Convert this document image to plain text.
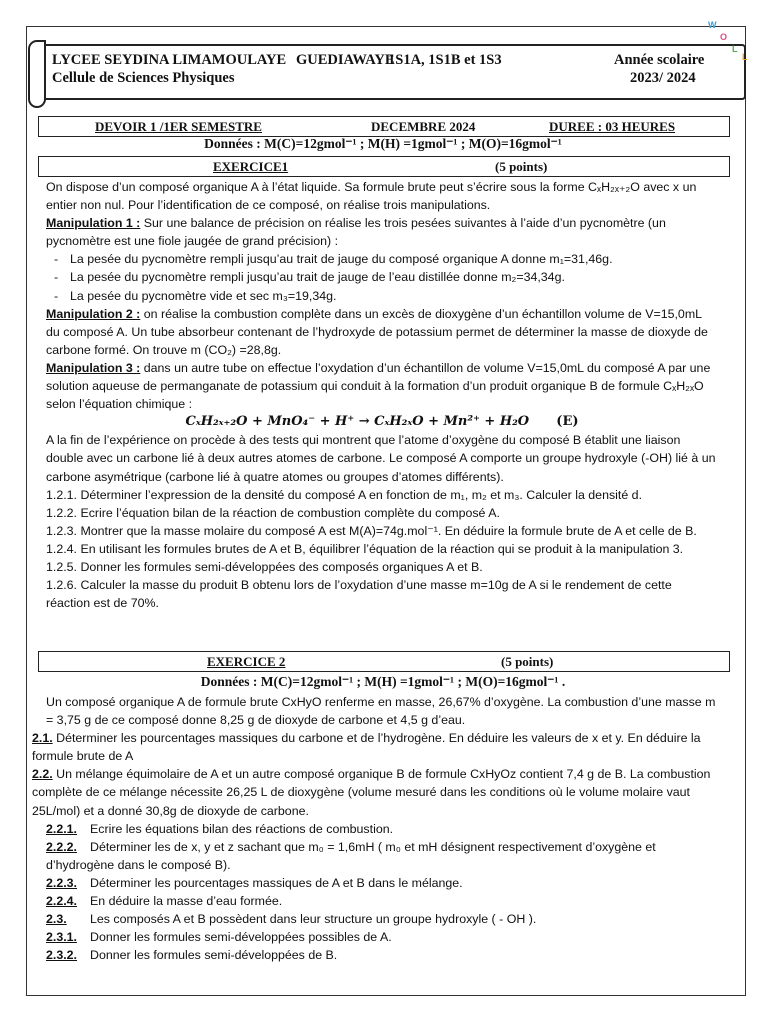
W
O
L
L
LYCEE SEYDINA LIMAMOULAYE GUEDIAWAYE
1S1A, 1S1B et 1S3	Année scolaire
Cellule de Sciences Physiques	2023/ 2024
DEVOIR 1 /1ER SEMESTRE	DECEMBRE 2024	DUREE : 03 HEURES
Données : M(C)=12gmol⁻¹ ; M(H) =1gmol⁻¹ ; M(O)=16gmol⁻¹
EXERCICE1	(5 points)

On dispose d’un composé organique A à l’état liquide. Sa formule brute peut s’écrire sous la forme CₓH₂ₓ₊₂O avec x un entier non nul. Pour l’identification de ce composé, on réalise trois manipulations.

Manipulation 1 : Sur une balance de précision on réalise les trois pesées suivantes à l’aide d’un pycnomètre (un pycnomètre est une fiole jaugée de grand précision) :

- La pesée du pycnomètre rempli jusqu’au trait de jauge du composé organique A donne m₁=31,46g.

- La pesée du pycnomètre rempli jusqu’au trait de jauge de l’eau distillée donne m₂=34,34g.

- La pesée du pycnomètre vide et sec m₃=19,34g.

Manipulation 2 : on réalise la combustion complète dans un excès de dioxygène d’un échantillon volume de V=15,0mL du composé A. Un tube absorbeur contenant de l’hydroxyde de potassium permet de déterminer la masse de dioxyde de carbone formé. On trouve m (CO₂) =28,8g.

Manipulation 3 : dans un autre tube on effectue l’oxydation d’un échantillon de volume V=15,0mL du composé A par une solution aqueuse de permanganate de potassium qui conduit à la formation d’un produit organique B de formule CₓH₂ₓO selon l’équation chimique :

CₓH₂ₓ₊₂O + MnO₄⁻ + H⁺ → CₓH₂ₓO + Mn²⁺ + H₂O (E)

A la fin de l’expérience on procède à des tests qui montrent que l’atome d’oxygène du composé B établit une liaison double avec un carbone lié à deux autres atomes de carbone. Le composé A comporte un groupe hydroxyle (-OH) lié à un carbone asymétrique (carbone lié à quatre atomes ou groupes d’atomes différents).

1.2.1. Déterminer l’expression de la densité du composé A en fonction de m₁, m₂ et m₃. Calculer la densité d.

1.2.2. Ecrire l’équation bilan de la réaction de combustion complète du composé A.

1.2.3. Montrer que la masse molaire du composé A est M(A)=74g.mol⁻¹. En déduire la formule brute de A et celle de B.

1.2.4. En utilisant les formules brutes de A et B, équilibrer l’équation de la réaction qui se produit à la manipulation 3.

1.2.5. Donner les formules semi-développées des composés organiques A et B.

1.2.6. Calculer la masse du produit B obtenu lors de l’oxydation d’une masse m=10g de A si le rendement de cette réaction est de 70%.

EXERCICE 2	(5 points)
Données : M(C)=12gmol⁻¹ ; M(H) =1gmol⁻¹ ; M(O)=16gmol⁻¹ .

Un composé organique A de formule brute CxHyO renferme en masse, 26,67% d’oxygène. La combustion d’une masse m = 3,75 g de ce composé donne 8,25 g de dioxyde de carbone et 4,5 g d’eau.

2.1. Déterminer les pourcentages massiques du carbone et de l’hydrogène. En déduire les valeurs de x et y. En déduire la formule brute de A

2.2. Un mélange équimolaire de A et un autre composé organique B de formule CxHyOz contient 7,4 g de B. La combustion complète de ce mélange nécessite 26,25 L de dioxygène (volume mesuré dans les conditions où le volume molaire vaut 25L/mol) et a donné 30,8g de dioxyde de carbone.

2.2.1. Ecrire les équations bilan des réactions de combustion.

2.2.2. Déterminer les de x, y et z sachant que m₀ = 1,6mH ( m₀ et mH désignent respectivement d’oxygène et d’hydrogène dans le composé B).

2.2.3. Déterminer les pourcentages massiques de A et B dans le mélange.

2.2.4. En déduire la masse d’eau formée.

2.3. Les composés A et B possèdent dans leur structure un groupe hydroxyle ( - OH ).

2.3.1. Donner les formules semi-développées possibles de A.

2.3.2. Donner les formules semi-développées de B.
